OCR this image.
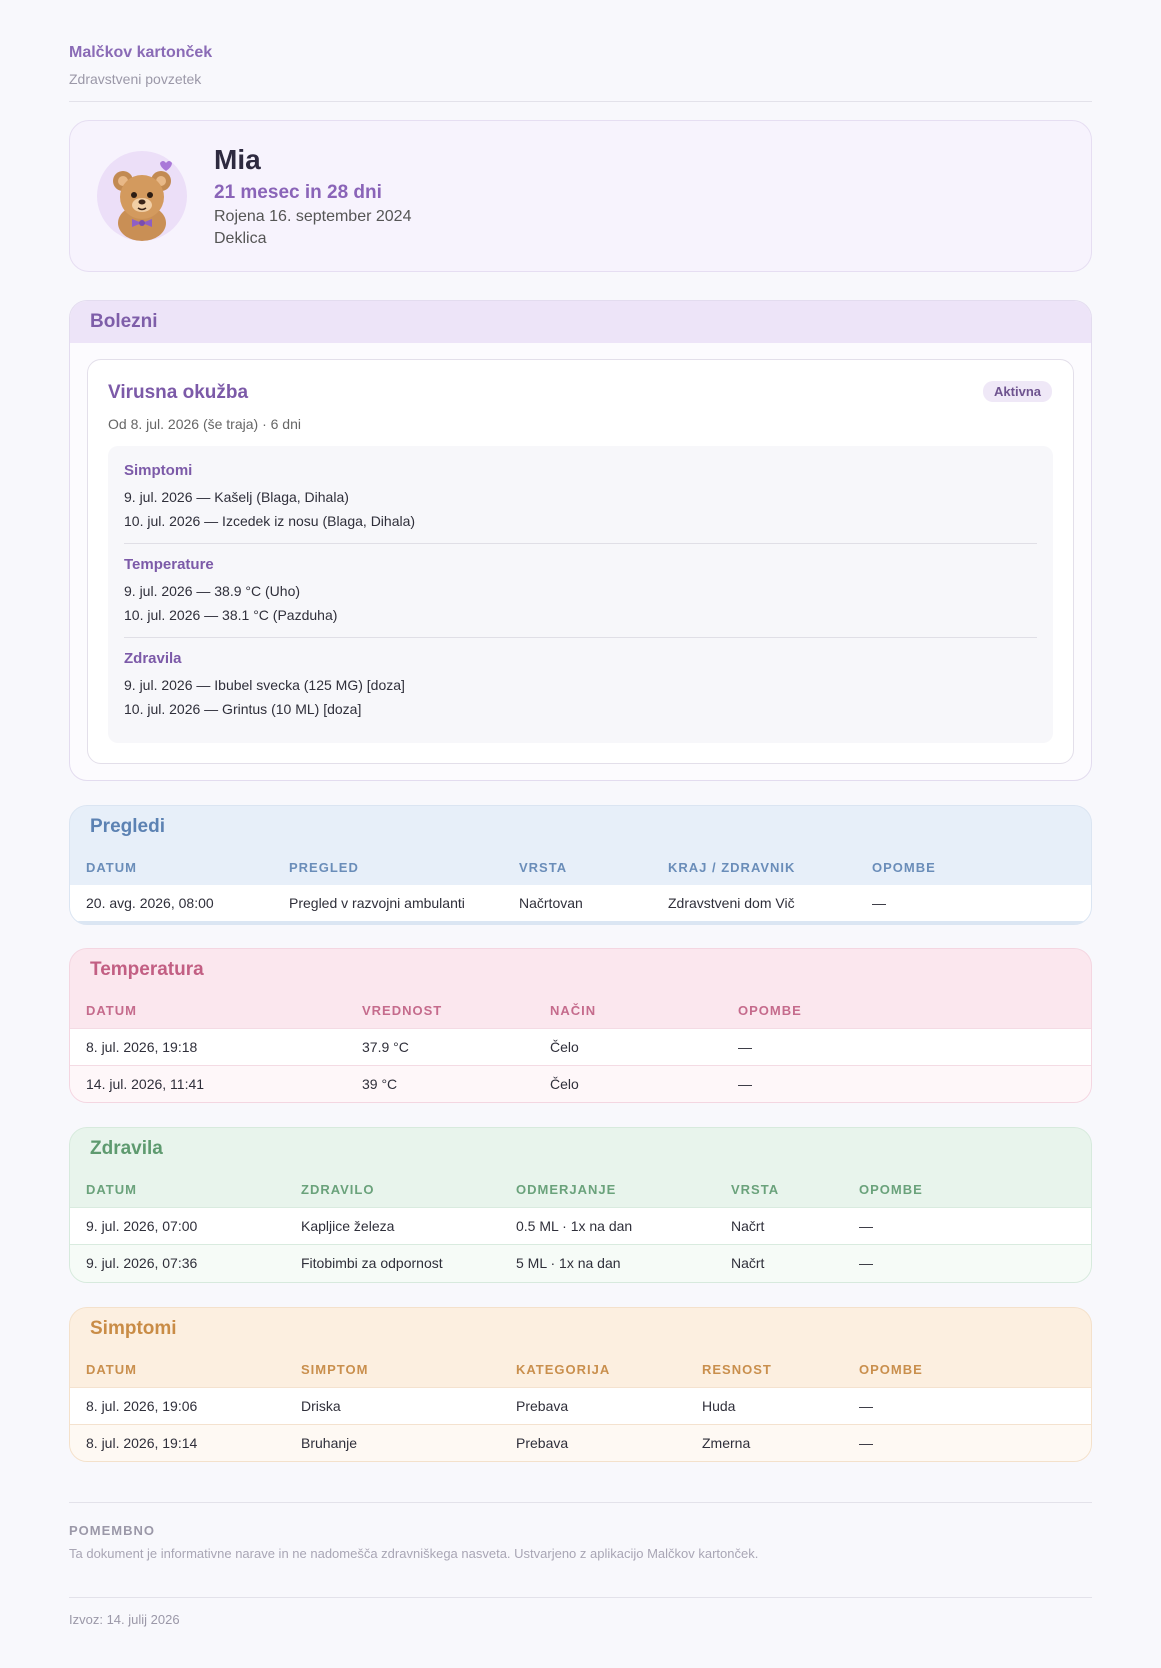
Malčkov kartonček
Zdravstveni povzetek
Mia
21 mesec in 28 dni
Rojena 16. september 2024
Deklica
Bolezni
Virusna okužba	Aktivna
Od 8. jul. 2026 (še traja) · 6 dni
Simptomi
9. jul. 2026 — Kašelj (Blaga, Dihala)
10. jul. 2026 — Izcedek iz nosu (Blaga, Dihala)
Temperature
9. jul. 2026 — 38.9 °C (Uho)
10. jul. 2026 — 38.1 °C (Pazduha)
Zdravila
9. jul. 2026 — Ibubel svecka (125 MG) [doza]
10. jul. 2026 — Grintus (10 ML) [doza]
Pregledi
DATUM	PREGLED	VRSTA	KRAJ / ZDRAVNIK	OPOMBE
20. avg. 2026, 08:00	Pregled v razvojni ambulanti	Načrtovan	Zdravstveni dom Vič	—
Temperatura
DATUM	VREDNOST	NAČIN	OPOMBE
8. jul. 2026, 19:18	37.9 °C	Čelo	—
14. jul. 2026, 11:41	39 °C	Čelo	—
Zdravila
DATUM	ZDRAVILO	ODMERJANJE	VRSTA	OPOMBE
9. jul. 2026, 07:00	Kapljice železa	0.5 ML · 1x na dan	Načrt	—
9. jul. 2026, 07:36	Fitobimbi za odpornost	5 ML · 1x na dan	Načrt	—
Simptomi
DATUM	SIMPTOM	KATEGORIJA	RESNOST	OPOMBE
8. jul. 2026, 19:06	Driska	Prebava	Huda	—
8. jul. 2026, 19:14	Bruhanje	Prebava	Zmerna	—
POMEMBNO
Ta dokument je informativne narave in ne nadomešča zdravniškega nasveta. Ustvarjeno z aplikacijo Malčkov kartonček.
Izvoz: 14. julij 2026
